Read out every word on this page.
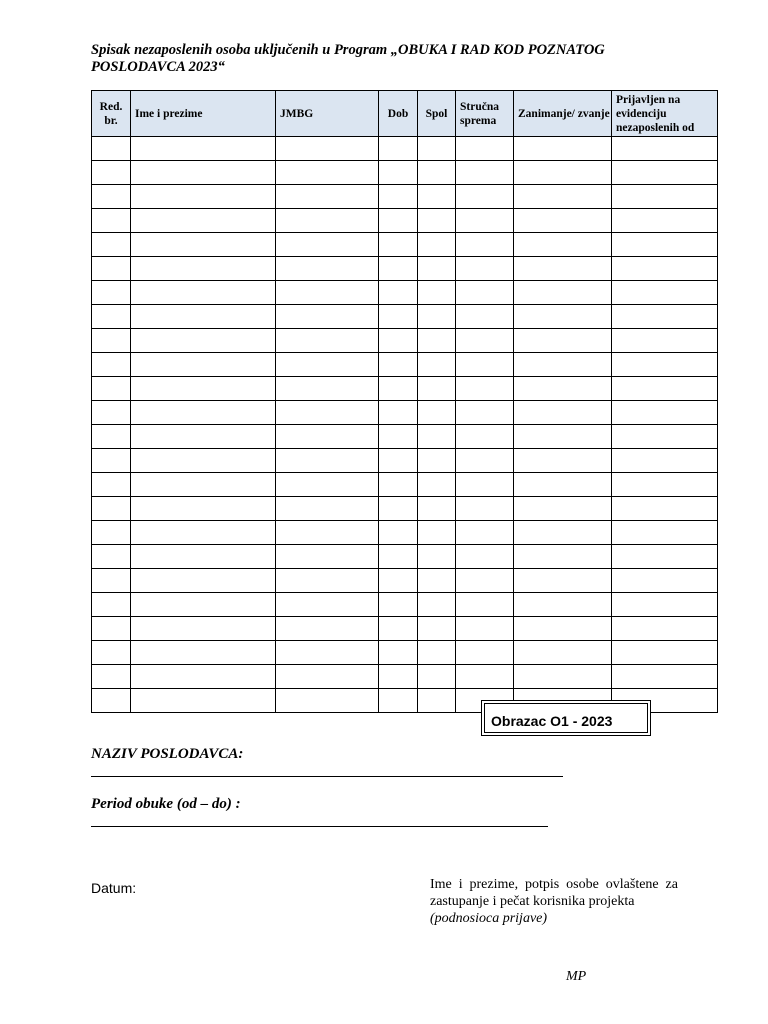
Spisak nezaposlenih osoba uključenih u Program „OBUKA I RAD KOD POZNATOG
POSLODAVCA 2023“
Red. br.	Ime i prezime	JMBG	Dob	Spol	Stručna sprema	Zanimanje/ zvanje	Prijavljen na evidenciju nezaposlenih od

Obrazac O1 - 2023
NAZIV POSLODAVCA:
Period obuke (od – do) :
Datum:	Ime i prezime, potpis osobe ovlaštene za zastupanje i pečat korisnika projekta
(podnosioca prijave)
MP
